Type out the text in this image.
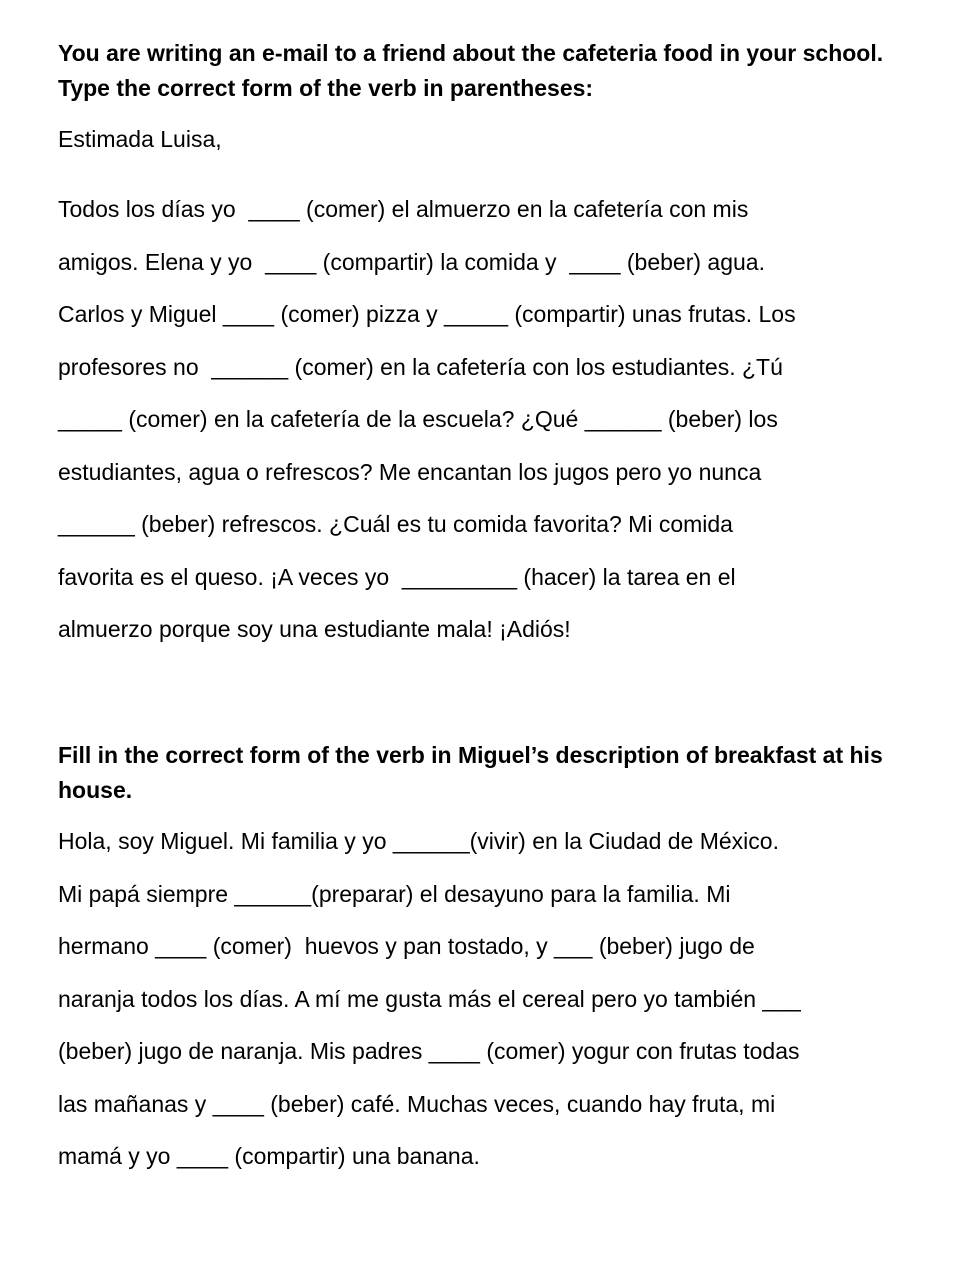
You are writing an e-mail to a friend about the cafeteria food in your school. Type the correct form of the verb in parentheses:

Estimada Luisa,
Todos los días yo  ____ (comer) el almuerzo en la cafetería con mis
amigos. Elena y yo  ____ (compartir) la comida y  ____ (beber) agua.
Carlos y Miguel ____ (comer) pizza y _____ (compartir) unas frutas. Los
profesores no  ______ (comer) en la cafetería con los estudiantes. ¿Tú
_____ (comer) en la cafetería de la escuela? ¿Qué ______ (beber) los
estudiantes, agua o refrescos? Me encantan los jugos pero yo nunca
______ (beber) refrescos. ¿Cuál es tu comida favorita? Mi comida
favorita es el queso. ¡A veces yo  _________ (hacer) la tarea en el
almuerzo porque soy una estudiante mala! ¡Adiós!

Fill in the correct form of the verb in Miguel’s description of breakfast at his house.

Hola, soy Miguel. Mi familia y yo ______(vivir) en la Ciudad de México.
Mi papá siempre ______(preparar) el desayuno para la familia. Mi
hermano ____ (comer)  huevos y pan tostado, y ___ (beber) jugo de
naranja todos los días. A mí me gusta más el cereal pero yo también ___
(beber) jugo de naranja. Mis padres ____ (comer) yogur con frutas todas
las mañanas y ____ (beber) café. Muchas veces, cuando hay fruta, mi
mamá y yo ____ (compartir) una banana.
